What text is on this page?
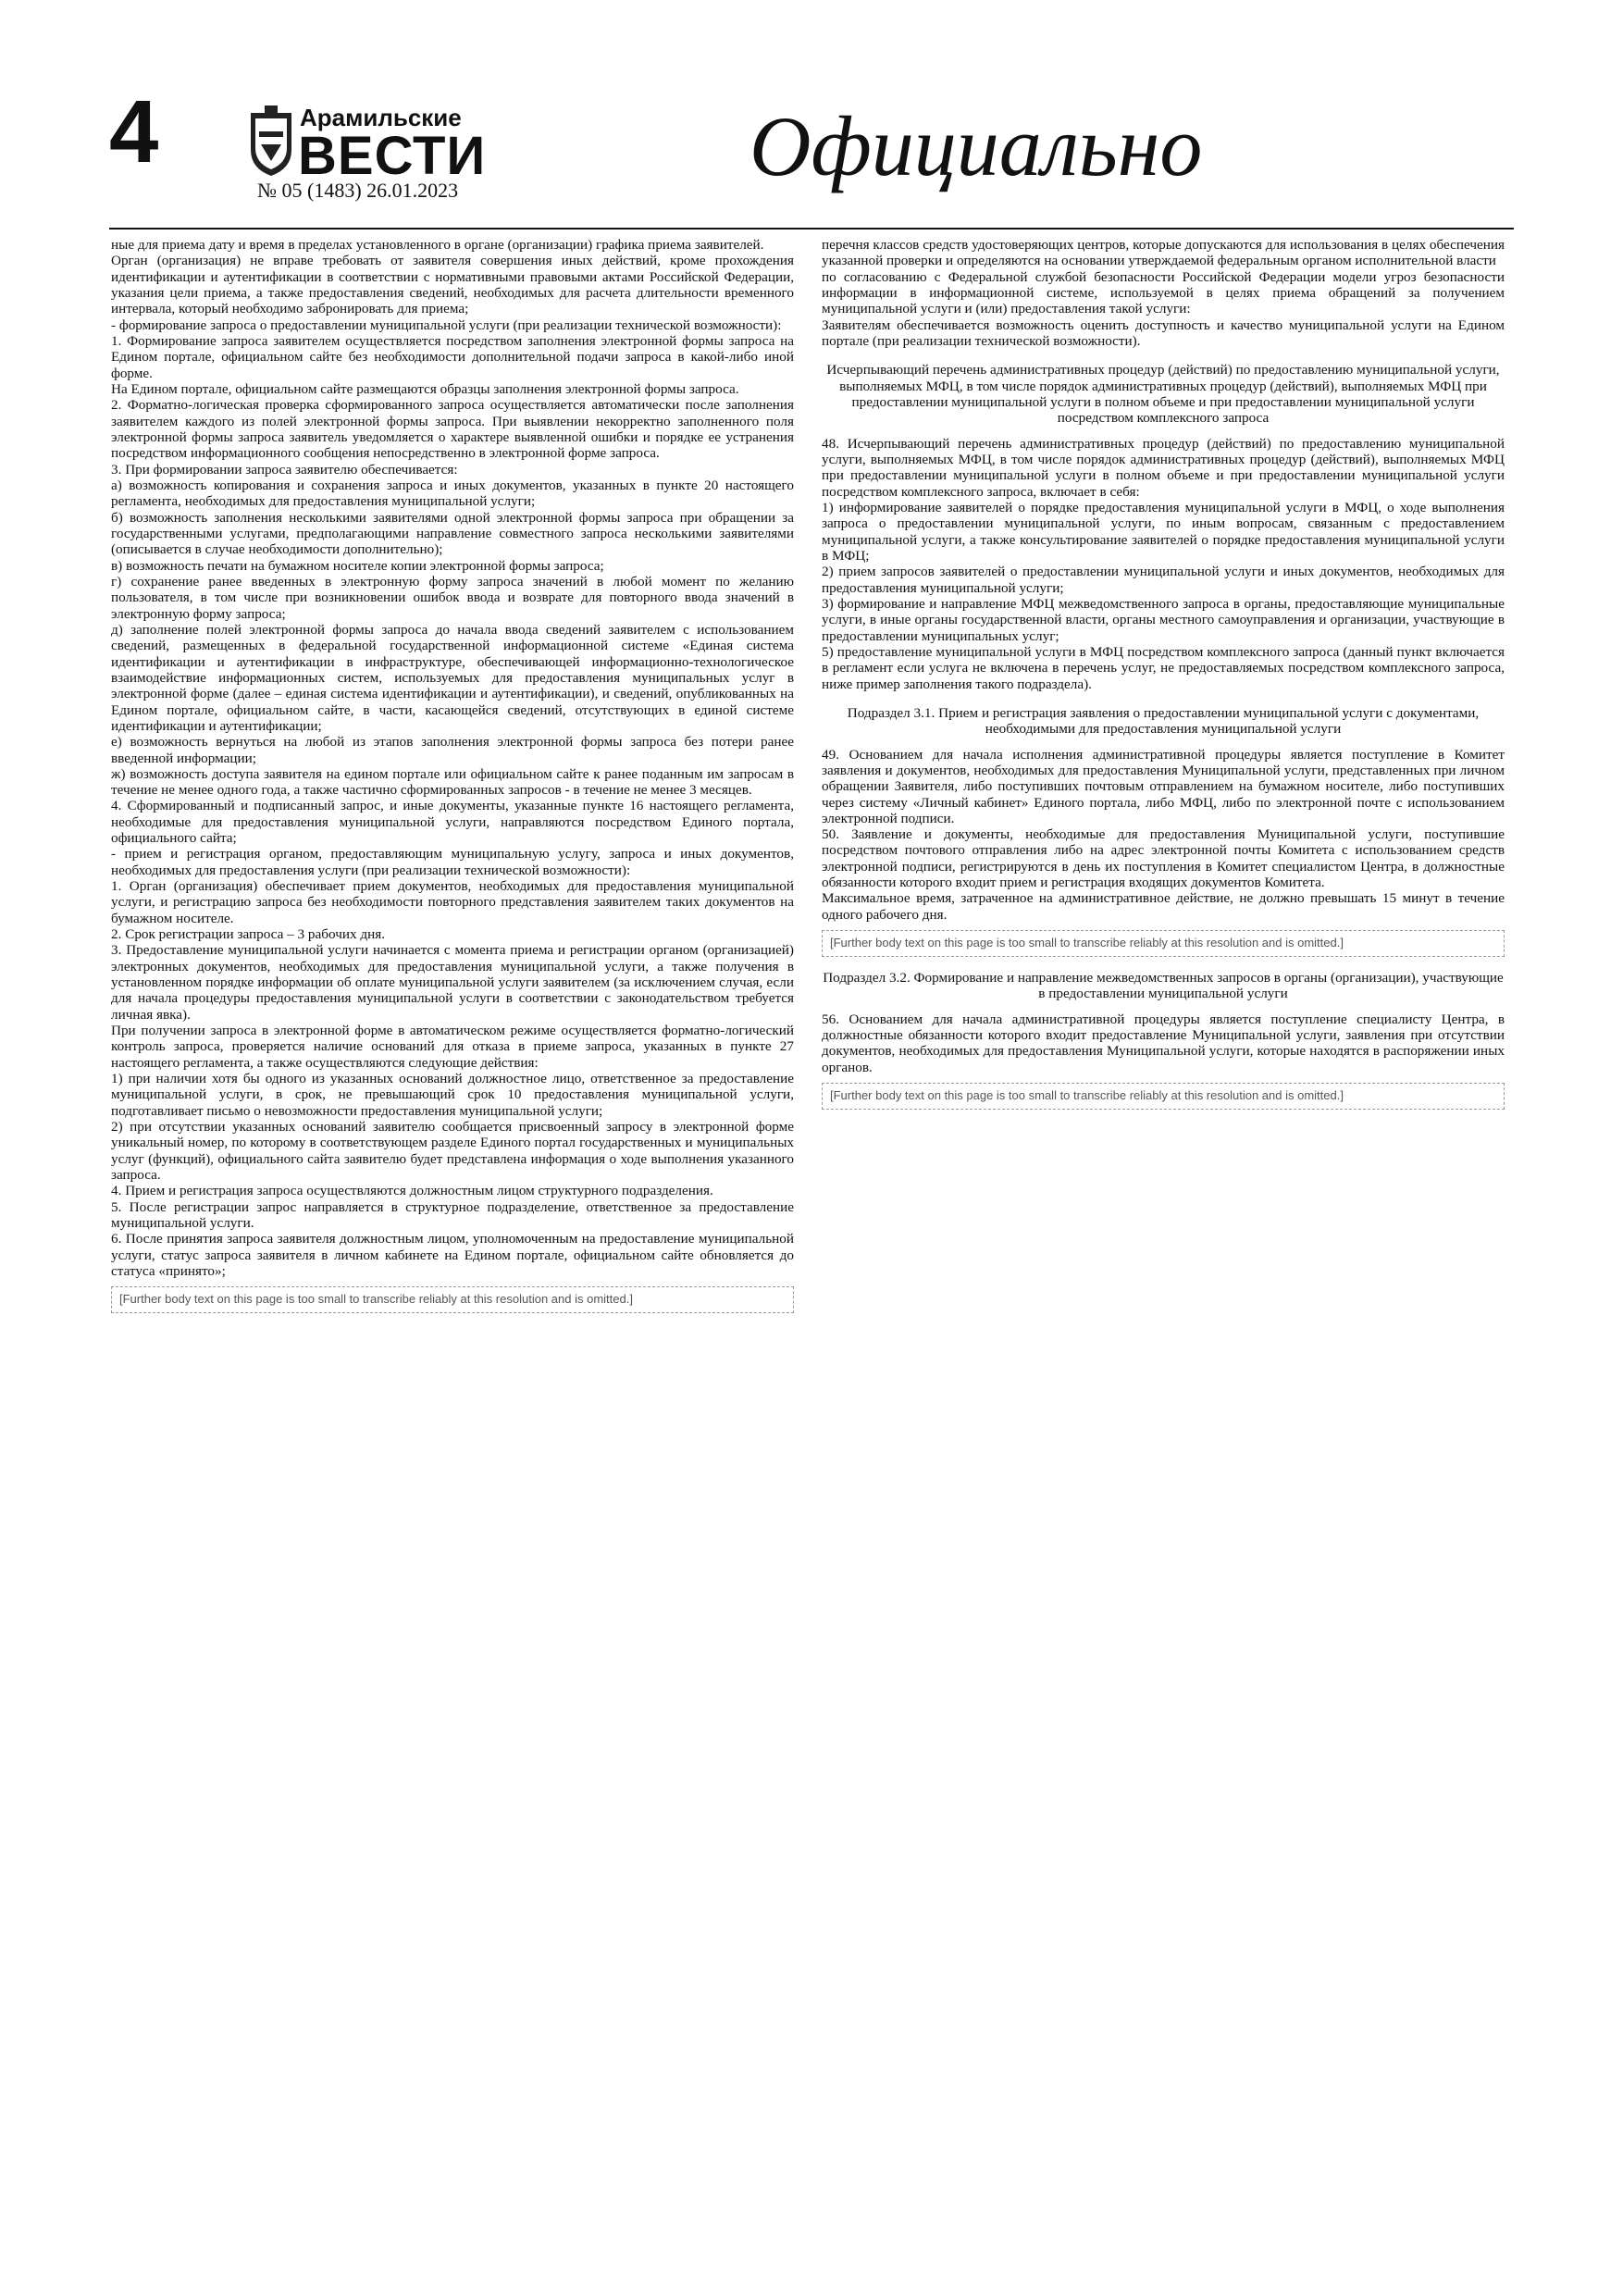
4	Арамильские
ВЕСТИ
№ 05 (1483) 26.01.2023	Официально

ные для приема дату и время в пределах установленного в органе (организации) графика приема заявителей.

Орган (организация) не вправе требовать от заявителя совершения иных действий, кроме прохождения идентификации и аутентификации в соответствии с нормативными правовыми актами Российской Федерации, указания цели приема, а также предоставления сведений, необходимых для расчета длительности временного интервала, который необходимо забронировать для приема;

- формирование запроса о предоставлении муниципальной услуги (при реализации технической возможности):

1. Формирование запроса заявителем осуществляется посредством заполнения электронной формы запроса на Едином портале, официальном сайте без необходимости дополнительной подачи запроса в какой-либо иной форме.

На Едином портале, официальном сайте размещаются образцы заполнения электронной формы запроса.

2. Форматно-логическая проверка сформированного запроса осуществляется автоматически после заполнения заявителем каждого из полей электронной формы запроса. При выявлении некорректно заполненного поля электронной формы запроса заявитель уведомляется о характере выявленной ошибки и порядке ее устранения посредством информационного сообщения непосредственно в электронной форме запроса.

3. При формировании запроса заявителю обеспечивается:

а) возможность копирования и сохранения запроса и иных документов, указанных в пункте 20 настоящего регламента, необходимых для предоставления муниципальной услуги;

б) возможность заполнения несколькими заявителями одной электронной формы запроса при обращении за государственными услугами, предполагающими направление совместного запроса несколькими заявителями (описывается в случае необходимости дополнительно);

в) возможность печати на бумажном носителе копии электронной формы запроса;

г) сохранение ранее введенных в электронную форму запроса значений в любой момент по желанию пользователя, в том числе при возникновении ошибок ввода и возврате для повторного ввода значений в электронную форму запроса;

д) заполнение полей электронной формы запроса до начала ввода сведений заявителем с использованием сведений, размещенных в федеральной государственной информационной системе «Единая система идентификации и аутентификации в инфраструктуре, обеспечивающей информационно-технологическое взаимодействие информационных систем, используемых для предоставления муниципальных услуг в электронной форме (далее – единая система идентификации и аутентификации), и сведений, опубликованных на Едином портале, официальном сайте, в части, касающейся сведений, отсутствующих в единой системе идентификации и аутентификации;

е) возможность вернуться на любой из этапов заполнения электронной формы запроса без потери ранее введенной информации;

ж) возможность доступа заявителя на едином портале или официальном сайте к ранее поданным им запросам в течение не менее одного года, а также частично сформированных запросов - в течение не менее 3 месяцев.

4. Сформированный и подписанный запрос, и иные документы, указанные пункте 16 настоящего регламента, необходимые для предоставления муниципальной услуги, направляются посредством Единого портала, официального сайта;

- прием и регистрация органом, предоставляющим муниципальную услугу, запроса и иных документов, необходимых для предоставления услуги (при реализации технической возможности):

1. Орган (организация) обеспечивает прием документов, необходимых для предоставления муниципальной услуги, и регистрацию запроса без необходимости повторного представления заявителем таких документов на бумажном носителе.

2. Срок регистрации запроса – 3 рабочих дня.

3. Предоставление муниципальной услуги начинается с момента приема и регистрации органом (организацией) электронных документов, необходимых для предоставления муниципальной услуги, а также получения в установленном порядке информации об оплате муниципальной услуги заявителем (за исключением случая, если для начала процедуры предоставления муниципальной услуги в соответствии с законодательством требуется личная явка).

При получении запроса в электронной форме в автоматическом режиме осуществляется форматно-логический контроль запроса, проверяется наличие оснований для отказа в приеме запроса, указанных в пункте 27 настоящего регламента, а также осуществляются следующие действия:

1) при наличии хотя бы одного из указанных оснований должностное лицо, ответственное за предоставление муниципальной услуги, в срок, не превышающий срок 10 предоставления муниципальной услуги, подготавливает письмо о невозможности предоставления муниципальной услуги;

2) при отсутствии указанных оснований заявителю сообщается присвоенный запросу в электронной форме уникальный номер, по которому в соответствующем разделе Единого портал государственных и муниципальных услуг (функций), официального сайта заявителю будет представлена информация о ходе выполнения указанного запроса.

4. Прием и регистрация запроса осуществляются должностным лицом структурного подразделения.

5. После регистрации запрос направляется в структурное подразделение, ответственное за предоставление муниципальной услуги.

6. После принятия запроса заявителя должностным лицом, уполномоченным на предоставление муниципальной услуги, статус запроса заявителя в личном кабинете на Едином портале, официальном сайте обновляется до статуса «принято»;

[Further body text on this page is too small to transcribe reliably at this resolution and is omitted.]

перечня классов средств удостоверяющих центров, которые допускаются для использования в целях обеспечения указанной проверки и определяются на основании утверждаемой федеральным органом исполнительной власти

по согласованию с Федеральной службой безопасности Российской Федерации модели угроз безопасности информации в информационной системе, используемой в целях приема обращений за получением муниципальной услуги и (или) предоставления такой услуги:

Заявителям обеспечивается возможность оценить доступность и качество муниципальной услуги на Едином портале (при реализации технической возможности).

Исчерпывающий перечень административных процедур (действий) по предоставлению муниципальной услуги, выполняемых МФЦ, в том числе порядок административных процедур (действий), выполняемых МФЦ при предоставлении муниципальной услуги в полном объеме и при предоставлении муниципальной услуги посредством комплексного запроса

48. Исчерпывающий перечень административных процедур (действий) по предоставлению муниципальной услуги, выполняемых МФЦ, в том числе порядок административных процедур (действий), выполняемых МФЦ при предоставлении муниципальной услуги в полном объеме и при предоставлении муниципальной услуги посредством комплексного запроса, включает в себя:

1) информирование заявителей о порядке предоставления муниципальной услуги в МФЦ, о ходе выполнения запроса о предоставлении муниципальной услуги, по иным вопросам, связанным с предоставлением муниципальной услуги, а также консультирование заявителей о порядке предоставления муниципальной услуги в МФЦ;

2) прием запросов заявителей о предоставлении муниципальной услуги и иных документов, необходимых для предоставления муниципальной услуги;

3) формирование и направление МФЦ межведомственного запроса в органы, предоставляющие муниципальные услуги, в иные органы государственной власти, органы местного самоуправления и организации, участвующие в предоставлении муниципальных услуг;

5) предоставление муниципальной услуги в МФЦ посредством комплексного запроса (данный пункт включается в регламент если услуга не включена в перечень услуг, не предоставляемых посредством комплексного запроса, ниже пример заполнения такого подраздела).

Подраздел 3.1. Прием и регистрация заявления о предоставлении муниципальной услуги с документами, необходимыми для предоставления муниципальной услуги

49. Основанием для начала исполнения административной процедуры является поступление в Комитет заявления и документов, необходимых для предоставления Муниципальной услуги, представленных при личном обращении Заявителя, либо поступивших почтовым отправлением на бумажном носителе, либо поступивших через систему «Личный кабинет» Единого портала, либо МФЦ, либо по электронной почте с использованием электронной подписи.

50. Заявление и документы, необходимые для предоставления Муниципальной услуги, поступившие посредством почтового отправления либо на адрес электронной почты Комитета с использованием средств электронной подписи, регистрируются в день их поступления в Комитет специалистом Центра, в должностные обязанности которого входит прием и регистрация входящих документов Комитета.

Максимальное время, затраченное на административное действие, не должно превышать 15 минут в течение одного рабочего дня.

[Further body text on this page is too small to transcribe reliably at this resolution and is omitted.]

Подраздел 3.2. Формирование и направление межведомственных запросов в органы (организации), участвующие в предоставлении муниципальной услуги

56. Основанием для начала административной процедуры является поступление специалисту Центра, в должностные обязанности которого входит предоставление Муниципальной услуги, заявления при отсутствии документов, необходимых для предоставления Муниципальной услуги, которые находятся в распоряжении иных органов.

[Further body text on this page is too small to transcribe reliably at this resolution and is omitted.]
